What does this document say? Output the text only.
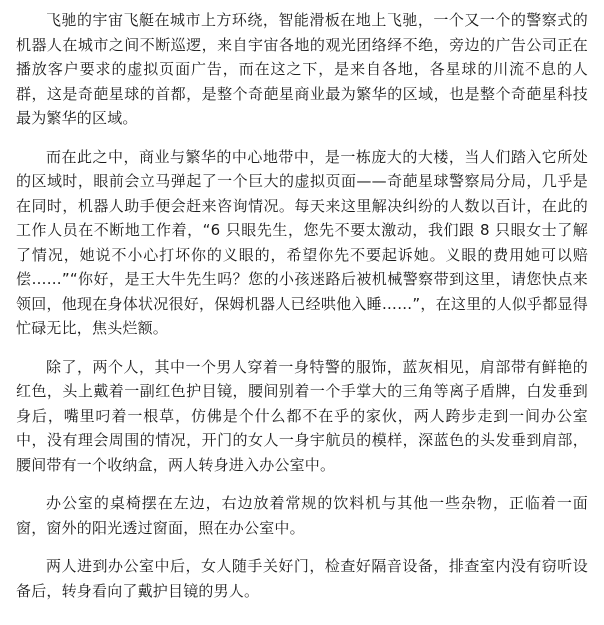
飞驰的宇宙飞艇在城市上方环绕，智能滑板在地上飞驰，一个又一个的警察式的机器人在城市之间不断巡逻，来自宇宙各地的观光团络绎不绝，旁边的广告公司正在播放客户要求的虚拟页面广告，而在这之下，是来自各地，各星球的川流不息的人群，这是奇葩星球的首都，是整个奇葩星商业最为繁华的区域，也是整个奇葩星科技最为繁华的区域。

而在此之中，商业与繁华的中心地带中，是一栋庞大的大楼，当人们踏入它所处的区域时，眼前会立马弹起了一个巨大的虚拟页面——奇葩星球警察局分局，几乎是在同时，机器人助手便会赶来咨询情况。每天来这里解决纠纷的人数以百计，在此的工作人员在不断地工作着，“6 只眼先生，您先不要太激动，我们跟 8 只眼女士了解了情况，她说不小心打坏你的义眼的，希望你先不要起诉她。义眼的费用她可以赔偿……”“你好，是王大牛先生吗？您的小孩迷路后被机械警察带到这里，请您快点来领回，他现在身体状况很好，保姆机器人已经哄他入睡……”，在这里的人似乎都显得忙碌无比，焦头烂额。

除了，两个人，其中一个男人穿着一身特警的服饰，蓝灰相见，肩部带有鲜艳的红色，头上戴着一副红色护目镜，腰间别着一个手掌大的三角等离子盾牌，白发垂到身后，嘴里叼着一根草，仿佛是个什么都不在乎的家伙，两人跨步走到一间办公室中，没有理会周围的情况，开门的女人一身宇航员的模样，深蓝色的头发垂到肩部，腰间带有一个收纳盒，两人转身进入办公室中。

办公室的桌椅摆在左边，右边放着常规的饮料机与其他一些杂物，正临着一面窗，窗外的阳光透过窗面，照在办公室中。

两人进到办公室中后，女人随手关好门，检查好隔音设备，排查室内没有窃听设备后，转身看向了戴护目镜的男人。
